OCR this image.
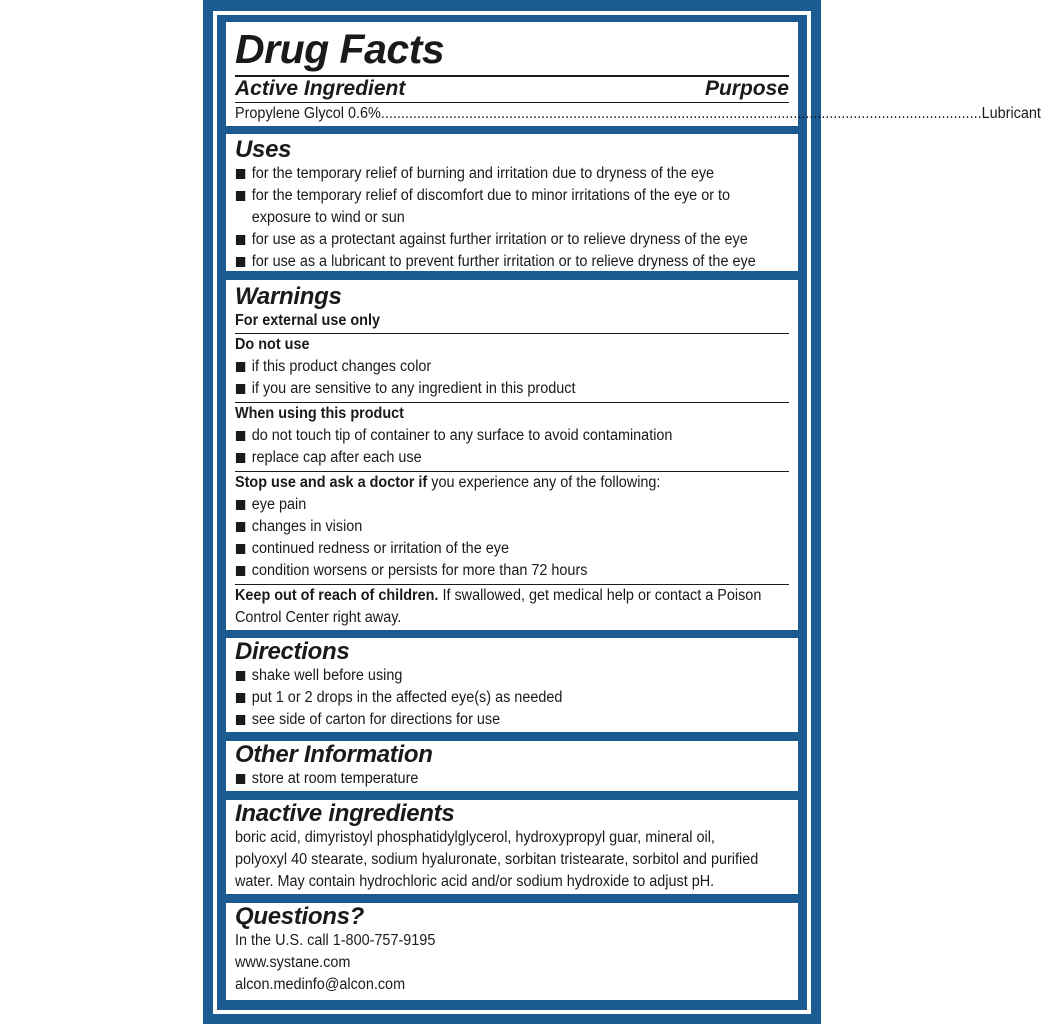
Drug Facts
Active Ingredient	Purpose
Propylene Glycol 0.6% ...................................................................................................................................................... Lubricant
Uses
for the temporary relief of burning and irritation due to dryness of the eye
for the temporary relief of discomfort due to minor irritations of the eye or to
exposure to wind or sun
for use as a protectant against further irritation or to relieve dryness of the eye
for use as a lubricant to prevent further irritation or to relieve dryness of the eye
Warnings
For external use only
Do not use
if this product changes color
if you are sensitive to any ingredient in this product
When using this product
do not touch tip of container to any surface to avoid contamination
replace cap after each use
Stop use and ask a doctor if you experience any of the following:
eye pain
changes in vision
continued redness or irritation of the eye
condition worsens or persists for more than 72 hours
Keep out of reach of children. If swallowed, get medical help or contact a Poison
Control Center right away.
Directions
shake well before using
put 1 or 2 drops in the affected eye(s) as needed
see side of carton for directions for use
Other Information
store at room temperature
Inactive ingredients
boric acid, dimyristoyl phosphatidylglycerol, hydroxypropyl guar, mineral oil,
polyoxyl 40 stearate, sodium hyaluronate, sorbitan tristearate, sorbitol and purified
water. May contain hydrochloric acid and/or sodium hydroxide to adjust pH.
Questions?
In the U.S. call 1-800-757-9195
www.systane.com
alcon.medinfo@alcon.com
